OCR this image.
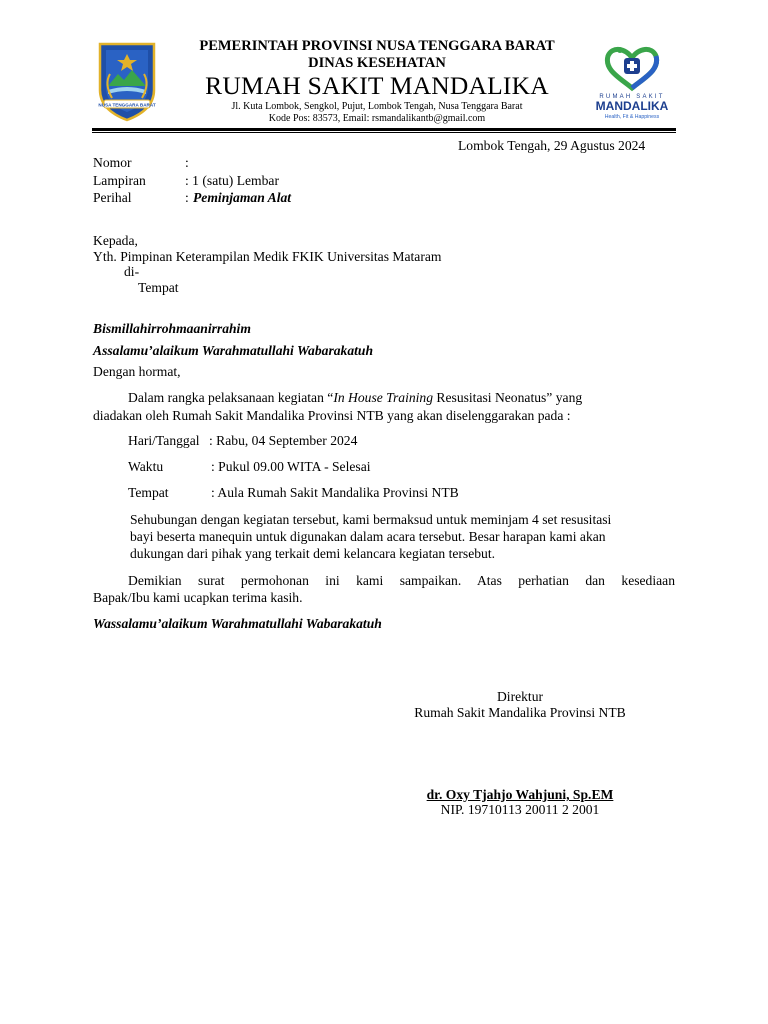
NUSA TENGGARA BARAT
RUMAH SAKIT
MANDALIKA
Health, Fit & Happiness
PEMERINTAH PROVINSI NUSA TENGGARA BARAT
DINAS KESEHATAN
RUMAH SAKIT MANDALIKA
Jl. Kuta Lombok, Sengkol, Pujut, Lombok Tengah, Nusa Tenggara Barat
Kode Pos: 83573, Email: rsmandalikantb@gmail.com
Lombok Tengah, 29 Agustus 2024
Nomor	:
Lampiran	: 1 (satu) Lembar
Perihal	: Peminjaman Alat
Kepada,
Yth. Pimpinan Keterampilan Medik FKIK Universitas Mataram
di-
Tempat
Bismillahirrohmaanirrahim
Assalamu’alaikum Warahmatullahi Wabarakatuh
Dengan hormat,
Dalam rangka pelaksanaan kegiatan “In House Training Resusitasi Neonatus” yang
diadakan oleh Rumah Sakit Mandalika Provinsi NTB yang akan diselenggarakan pada :
Hari/Tanggal : Rabu, 04 September 2024
Waktu	: Pukul 09.00 WITA - Selesai
Tempat	: Aula Rumah Sakit Mandalika Provinsi NTB
Sehubungan dengan kegiatan tersebut, kami bermaksud untuk meminjam 4 set resusitasi
bayi beserta manequin untuk digunakan dalam acara tersebut. Besar harapan kami akan
dukungan dari pihak yang terkait demi kelancara kegiatan tersebut.
Demikian surat permohonan ini kami sampaikan. Atas perhatian dan kesediaan
Bapak/Ibu kami ucapkan terima kasih.
Wassalamu’alaikum Warahmatullahi Wabarakatuh
Direktur
Rumah Sakit Mandalika Provinsi NTB
dr. Oxy Tjahjo Wahjuni, Sp.EM
NIP. 19710113 20011 2 2001
